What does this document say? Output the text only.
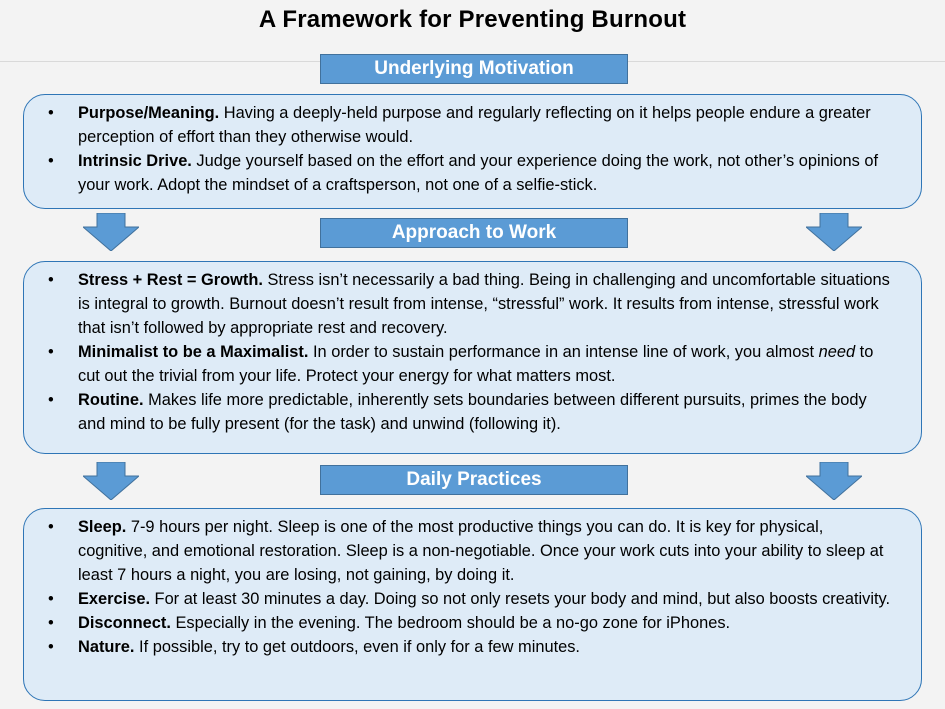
A Framework for Preventing Burnout
Underlying Motivation
• Purpose/Meaning. Having a deeply-held purpose and regularly reflecting on it helps people endure a greater perception of effort than they otherwise would.
• Intrinsic Drive. Judge yourself based on the effort and your experience doing the work, not other’s opinions of your work. Adopt the mindset of a craftsperson, not one of a selfie-stick.
Approach to Work
• Stress + Rest = Growth. Stress isn’t necessarily a bad thing. Being in challenging and uncomfortable situations is integral to growth. Burnout doesn’t result from intense, “stressful” work. It results from intense, stressful work that isn’t followed by appropriate rest and recovery.
• Minimalist to be a Maximalist. In order to sustain performance in an intense line of work, you almost need to cut out the trivial from your life. Protect your energy for what matters most.
• Routine. Makes life more predictable, inherently sets boundaries between different pursuits, primes the body and mind to be fully present (for the task) and unwind (following it).
Daily Practices
• Sleep. 7-9 hours per night. Sleep is one of the most productive things you can do. It is key for physical, cognitive, and emotional restoration. Sleep is a non-negotiable. Once your work cuts into your ability to sleep at least 7 hours a night, you are losing, not gaining, by doing it.
• Exercise. For at least 30 minutes a day. Doing so not only resets your body and mind, but also boosts creativity.
• Disconnect. Especially in the evening. The bedroom should be a no-go zone for iPhones.
• Nature. If possible, try to get outdoors, even if only for a few minutes.
